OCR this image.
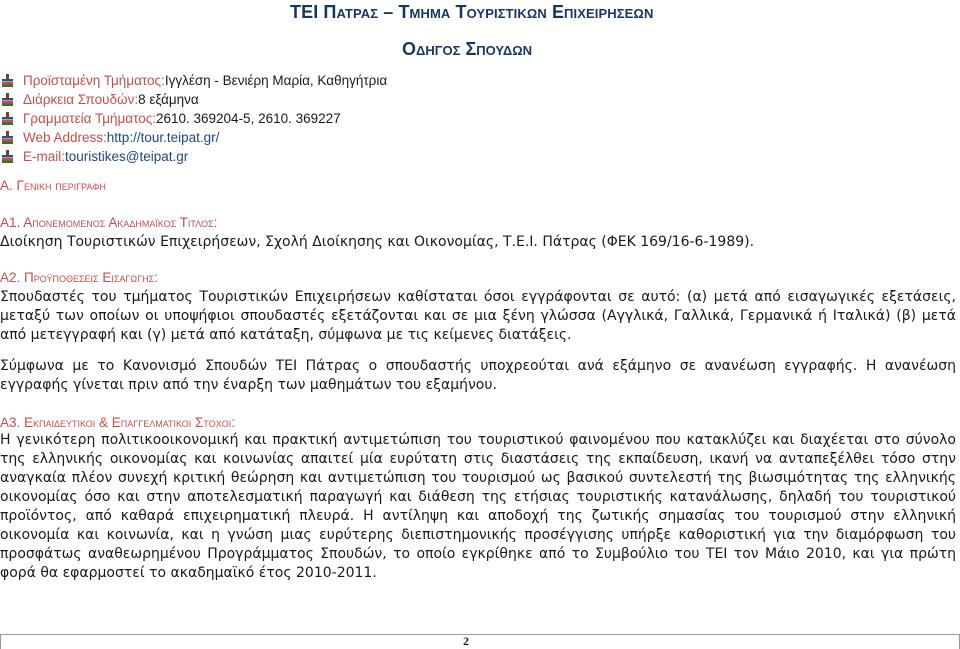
ΤΕΙ Πατρασ – Τμημα Τουριστικων Επιχειρησεων
Οδηγος Σπουδων
Προϊσταμένη Τμήματος: Ιγγλέση - Βενιέρη Μαρία, Καθηγήτρια
Διάρκεια Σπουδών: 8 εξάμηνα
Γραμματεία Τμήματος: 2610. 369204-5, 2610. 369227
Web Address: http://tour.teipat.gr/
E-mail: touristikes@teipat.gr
Α. Γενικη περιγραφη
Α1. Απονεμομενος Ακαδημαϊκος Τιτλος:
Διοίκηση Τουριστικών Επιχειρήσεων, Σχολή Διοίκησης και Οικονομίας, Τ.Ε.Ι. Πάτρας (ΦΕΚ 169/16-6-1989).
Α2. Προϋποθεσεις Εισαγωγης:
Σπουδαστές του τμήματος Τουριστικών Επιχειρήσεων καθίσταται όσοι εγγράφονται σε αυτό: (α) μετά από εισαγωγικές εξετάσεις, μεταξύ των οποίων οι υποψήφιοι σπουδαστές εξετάζονται και σε μια ξένη γλώσσα (Αγγλικά, Γαλλικά, Γερμανικά ή Ιταλικά) (β) μετά από μετεγγραφή και (γ) μετά από κατάταξη, σύμφωνα με τις κείμενες διατάξεις.
Σύμφωνα με το Κανονισμό Σπουδών ΤΕΙ Πάτρας ο σπουδαστής υποχρεούται ανά εξάμηνο σε ανανέωση εγγραφής. Η ανανέωση εγγραφής γίνεται πριν από την έναρξη των μαθημάτων του εξαμήνου.
Α3. Εκπαιδευτικοι & Επαγγελματικοι Στοχοι:
Η γενικότερη πολιτικοοικονομική και πρακτική αντιμετώπιση του τουριστικού φαινομένου που κατακλύζει και διαχέεται στο σύνολο της ελληνικής οικονομίας και κοινωνίας απαιτεί μία ευρύτατη στις διαστάσεις της εκπαίδευση, ικανή να ανταπεξέλθει τόσο στην αναγκαία πλέον συνεχή κριτική θεώρηση και αντιμετώπιση του τουρισμού ως βασικού συντελεστή της βιωσιμότητας της ελληνικής οικονομίας όσο και στην αποτελεσματική παραγωγή και διάθεση της ετήσιας τουριστικής κατανάλωσης, δηλαδή του τουριστικού προϊόντος, από καθαρά επιχειρηματική πλευρά. Η αντίληψη και αποδοχή της ζωτικής σημασίας του τουρισμού στην ελληνική οικονομία και κοινωνία, και η γνώση μιας ευρύτερης διεπιστημονικής προσέγγισης υπήρξε καθοριστική για την διαμόρφωση του προσφάτως αναθεωρημένου Προγράμματος Σπουδών, το οποίο εγκρίθηκε από το Συμβούλιο του ΤΕΙ τον Μάιο 2010, και για πρώτη φορά θα εφαρμοστεί το ακαδημαϊκό έτος 2010-2011.
2
